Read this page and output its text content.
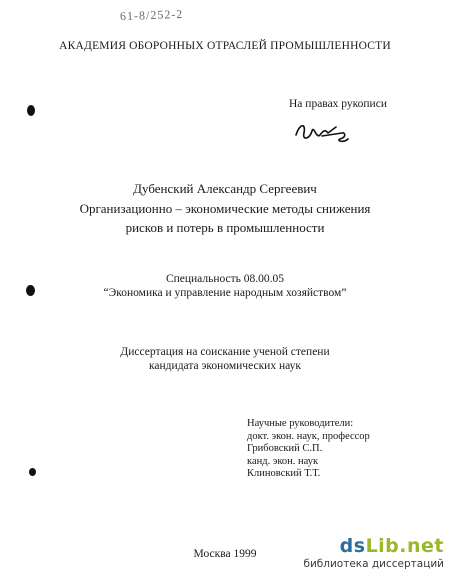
61-8/252-2
АКАДЕМИЯ ОБОРОННЫХ ОТРАСЛЕЙ ПРОМЫШЛЕННОСТИ
На правах рукописи
Дубенский Александр Сергеевич
Организационно – экономические методы снижения
рисков и потерь в промышленности
Специальность 08.00.05
“Экономика и управление народным хозяйством”
Диссертация на соискание ученой степени
кандидата экономических наук
Научные руководители:
докт. экон. наук, профессор
Грибовский С.П.
канд. экон. наук
Клиновский Т.Т.
Москва 1999	dsLib.net
библиотека диссертаций
